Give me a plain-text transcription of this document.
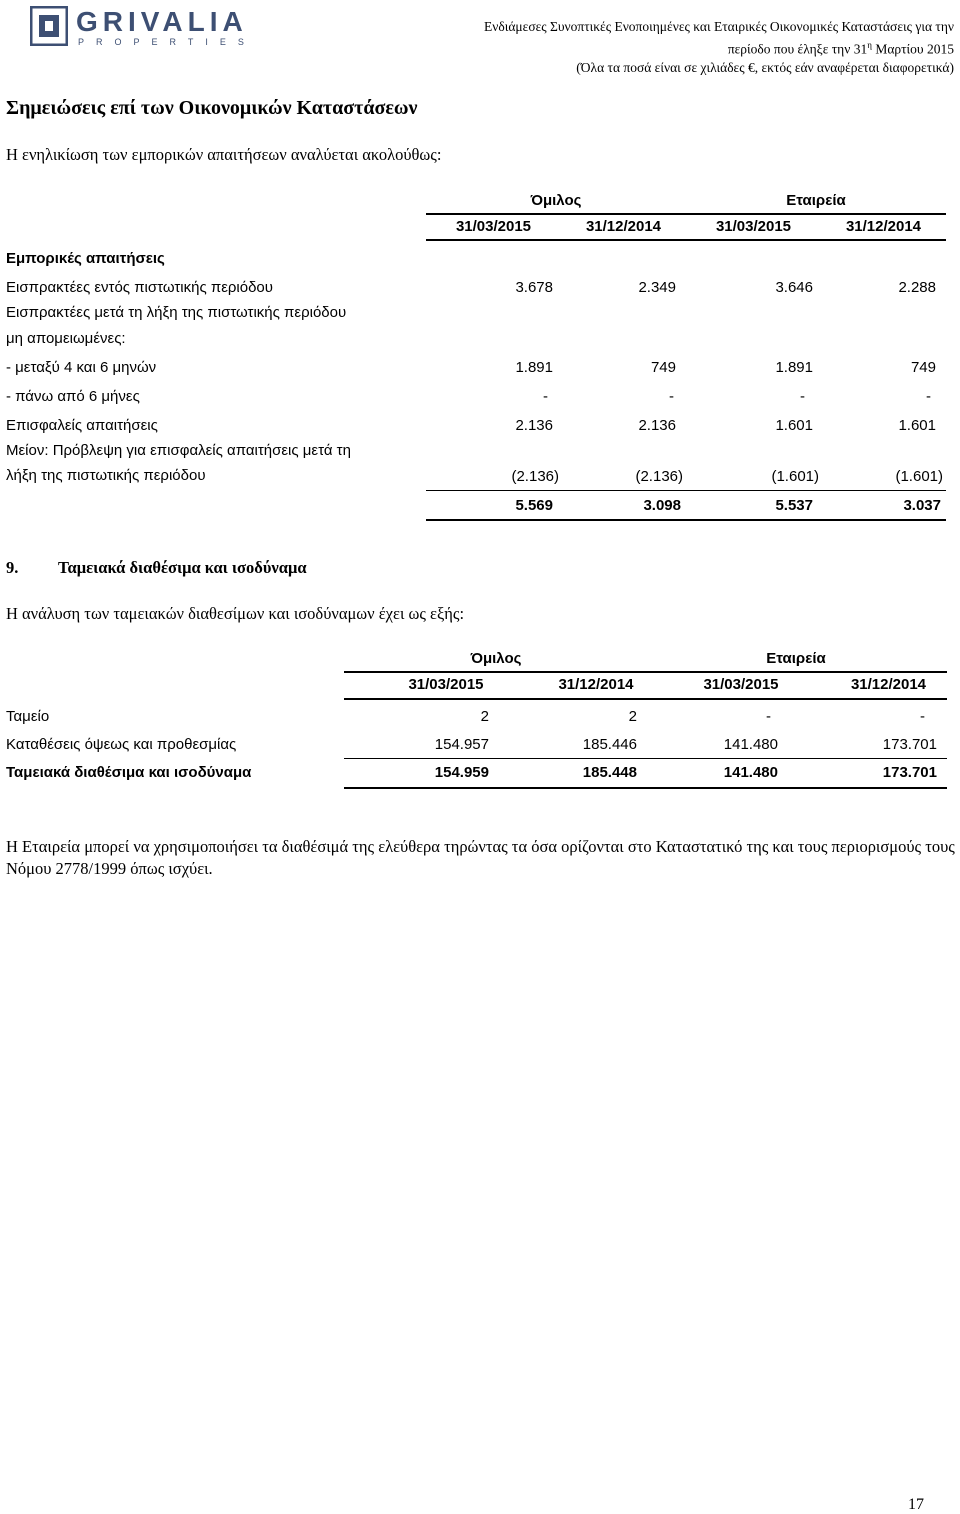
GRIVALIA
PROPERTIES
Ενδιάμεσες Συνοπτικές Ενοποιημένες και Εταιρικές Οικονομικές Καταστάσεις για την
περίοδο που έληξε την $31^\eta$ Μαρτίου 2015
(Όλα τα ποσά είναι σε χιλιάδες €, εκτός εάν αναφέρεται διαφορετικά)
Σημειώσεις επί των Οικονομικών Καταστάσεων
Η ενηλικίωση των εμπορικών απαιτήσεων αναλύεται ακολούθως:
Όμιλος	Εταιρεία
31/03/2015	31/12/2014	31/03/2015	31/12/2014
Εμπορικές απαιτήσεις
Εισπρακτέες εντός πιστωτικής περιόδου	3.678	2.349	3.646	2.288
Εισπρακτέες μετά τη λήξη της πιστωτικής περιόδου
μη απομειωμένες:
- μεταξύ 4 και 6 μηνών	1.891	749	1.891	749
- πάνω από 6 μήνες	-	-	-	-
Επισφαλείς απαιτήσεις	2.136	2.136	1.601	1.601
Μείον: Πρόβλεψη για επισφαλείς απαιτήσεις μετά τη
λήξη της πιστωτικής περιόδου	(2.136)	(2.136)	(1.601)	(1.601)
5.569	3.098	5.537	3.037
9. Ταμειακά διαθέσιμα και ισοδύναμα
Η ανάλυση των ταμειακών διαθεσίμων και ισοδύναμων έχει ως εξής:
Όμιλος	Εταιρεία
31/03/2015	31/12/2014	31/03/2015	31/12/2014
Ταμείο	2	2	-	-
Καταθέσεις όψεως και προθεσμίας	154.957	185.446	141.480	173.701
Ταμειακά διαθέσιμα και ισοδύναμα	154.959	185.448	141.480	173.701
Η Εταιρεία μπορεί να χρησιμοποιήσει τα διαθέσιμά της ελεύθερα τηρώντας τα όσα ορίζονται στο Καταστατικό της και τους περιορισμούς τους Νόμου 2778/1999 όπως ισχύει.
17
